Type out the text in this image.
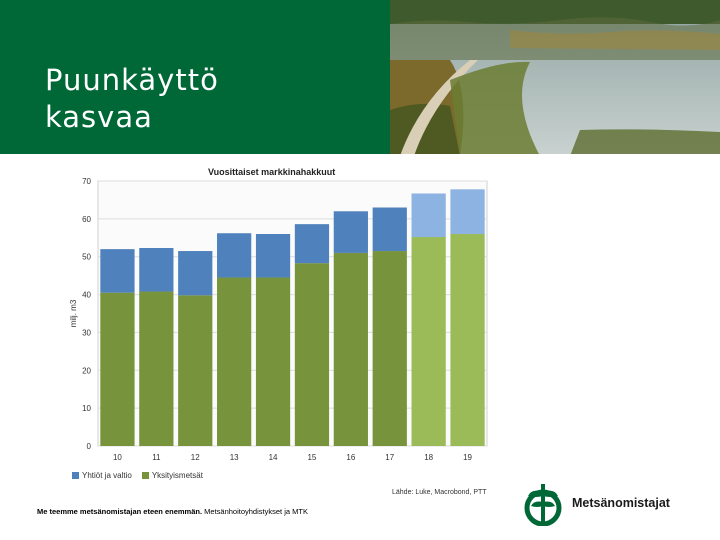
Puunkäyttö
kasvaa
Vuosittaiset markkinahakkuut
0
10
20
30
40
50
60
70
10	11	12	13	14	15	16	17	18	19
milj. m3
Yhtiöt ja valtio	Yksityismetsät
Lähde: Luke, Macrobond, PTT
Me teemme metsänomistajan eteen enemmän. Metsänhoitoyhdistykset ja MTK
Metsänomistajat
